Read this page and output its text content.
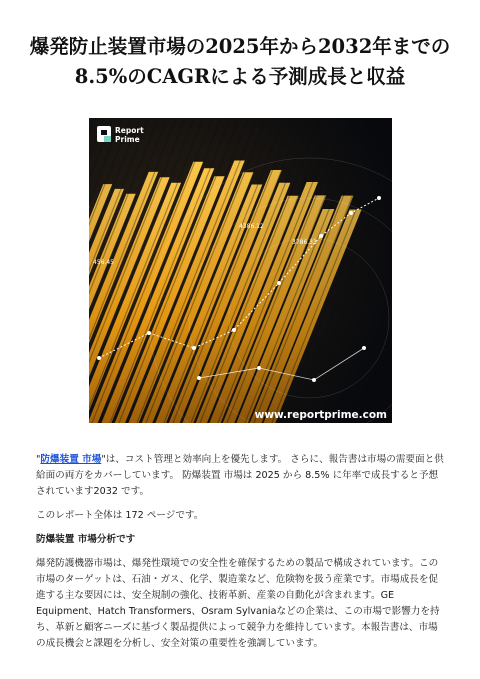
爆発防止装置市場の2025年から2032年までの
8.5%のCAGRによる予測成長と収益
Report
Prime
4386.12
3786.33
456.45
www.reportprime.com

"防爆装置 市場"は、コスト管理と効率向上を優先します。 さらに、報告書は市場の需要面と供給面の両方をカバーしています。 防爆装置 市場は 2025 から 8.5% に年率で成長すると予想されています2032 です。

このレポート全体は 172 ページです。

防爆装置 市場分析です

爆発防護機器市場は、爆発性環境での安全性を確保するための製品で構成されています。この市場のターゲットは、石油・ガス、化学、製造業など、危険物を扱う産業です。市場成長を促進する主な要因には、安全規制の強化、技術革新、産業の自動化が含まれます。GE Equipment、Hatch Transformers、Osram Sylvaniaなどの企業は、この市場で影響力を持ち、革新と顧客ニーズに基づく製品提供によって競争力を維持しています。本報告書は、市場の成長機会と課題を分析し、安全対策の重要性を強調しています。
